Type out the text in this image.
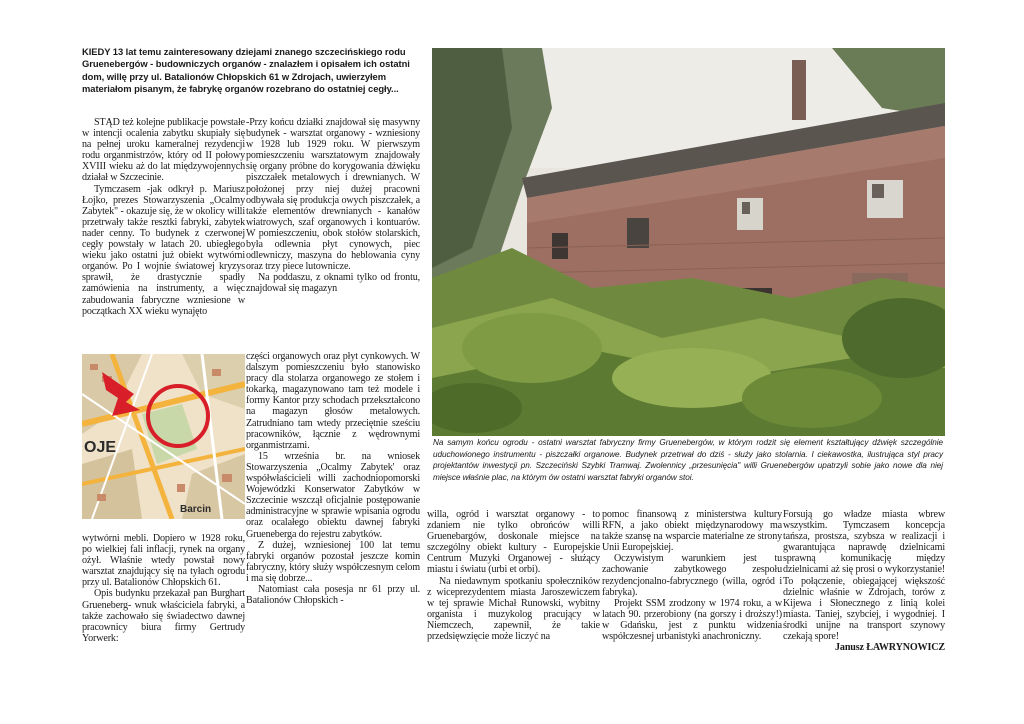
KIEDY 13 lat temu zainteresowany dziejami znanego szczecińskiego rodu Gruenebergów - budowniczych organów - znalazłem i opisałem ich ostatni dom, willę przy ul. Batalionów Chłopskich 61 w Zdrojach, uwierzyłem materiałom pisanym, że fabrykę organów rozebrano do ostatniej cegły...

STĄD też kolejne publikacje powstałe w intencji ocalenia zabytku skupiały się na pełnej uroku kameralnej rezydencji rodu organmistrzów, który od II połowy XVIII wieku aż do lat międzywojennych działał w Szczecinie.

Tymczasem -jak odkrył p. Mariusz Łojko, prezes Stowarzyszenia „Ocalmy Zabytek" - okazuje się, że w okolicy willi przetrwały także resztki fabryki, zabytek nader cenny. To budynek z czerwonej cegły powstały w latach 20. ubiegłego wieku jako ostatni już obiekt wytwórni organów. Po I wojnie światowej kryzys sprawił, że drastycznie spadły zamówienia na instrumenty, a więc zabudowania fabryczne wzniesione w początkach XX wieku wynajęto

OJE
Barcin

wytwórni mebli. Dopiero w 1928 roku, po wielkiej fali inflacji, rynek na organy ożył. Właśnie wtedy powstał nowy warsztat znajdujący się na tyłach ogrodu przy ul. Batalionów Chłopskich 61.

Opis budynku przekazał pan Burghart Grueneberg- wnuk właściciela fabryki, a także zachowało się świadectwo dawnej pracownicy biura firmy Gertrudy Yorwerk:

-Przy końcu działki znajdował się masywny budynek - warsztat organowy - wzniesiony w 1928 lub 1929 roku. W pierwszym pomieszczeniu warsztatowym znajdowały się organy próbne do korygowania dźwięku piszczałek metalowych i drewnianych. W położonej przy niej dużej pracowni odbywała się produkcja owych piszczałek, a także elementów drewnianych - kanałów wiatrowych, szaf organowych i kontuarów. W pomieszczeniu, obok stołów stolarskich, była odlewnia płyt cynowych, piec odlewniczy, maszyna do heblowania cyny oraz trzy piece lutownicze.

Na poddaszu, z oknami tylko od frontu, znajdował się magazyn

części organowych oraz płyt cynkowych. W dalszym pomieszczeniu było stanowisko pracy dla stolarza organowego ze stołem i tokarką, magazynowano tam też modele i formy Kantor przy schodach przekształcono na magazyn głosów metalowych. Zatrudniano tam wtedy przeciętnie sześciu pracowników, łącznie z wędrownymi organmistrzami.

15 września br. na wniosek Stowarzyszenia „Ocalmy Zabytek' oraz współwłaścicieli willi zachodniopomorski Wojewódzki Konserwator Zabytków w Szczecinie wszczął oficjalnie postępowanie administracyjne w sprawie wpisania ogrodu oraz ocalałego obiektu dawnej fabryki Grueneberga do rejestru zabytków.

Z dużej, wzniesionej 100 lat temu fabryki organów pozostał jeszcze komin fabryczny, który służy współczesnym celom i ma się dobrze...

Natomiast cała posesja nr 61 przy ul. Batalionów Chłopskich -

Na samym końcu ogrodu - ostatni warsztat fabryczny firmy Gruenebergów, w którym rodzit się element kształtujący dźwięk szczególnie uduchowionego instrumentu - piszczałki organowe. Budynek przetrwał do dziś - służy jako stolarnia. I ciekawostka, ilustrująca styl pracy projektantów inwestycji pn. Szczeciński Szybki Tramwaj. Zwolennicy „przesunięcia" willi Gruenebergów upatrzyli sobie jako nowe dla niej miejsce właśnie plac, na którym ów ostatni warsztat fabryki organów stoi.

willa, ogród i warsztat organowy - to zdaniem nie tylko obrońców willi Gruenebargów, doskonale miejsce na szczególny obiekt kultury - Europejskie Centrum Muzyki Organowej - służący miastu i światu (urbi et orbi).

Na niedawnym spotkaniu społeczników z wiceprezydentem miasta Jaroszewiczem w tej sprawie Michał Runowski, wybitny organista i muzykolog pracujący w Niemczech, zapewnił, że takie przedsięwzięcie może liczyć na

pomoc finansową z ministerstwa kultury RFN, a jako obiekt międzynarodowy ma także szansę na wsparcie materialne ze strony Unii Europejskiej.

Oczywistym warunkiem jest tu zachowanie zabytkowego zespołu rezydencjonalno-fabrycznego (willa, ogród i fabryka).

Projekt SSM zrodzony w 1974 roku, a w latach 90. przerobiony (na gorszy i droższy!) w Gdańsku, jest z punktu widzenia współczesnej urbanistyki anachroniczny.

Forsują go władze miasta wbrew wszystkim. Tymczasem koncepcja tańsza, prostsza, szybsza w realizacji i gwarantująca naprawdę dzielnicami sprawną komunikację między dzielnicami aż się prosi o wykorzystanie! To połączenie, obiegającej większość dzielnic właśnie w Zdrojach, torów z Kijewa i Słonecznego z linią kolei miasta. Taniej, szybciej, i wygodniej. I środki unijne na transport szynowy czekają spore!

Janusz ŁAWRYNOWICZ
